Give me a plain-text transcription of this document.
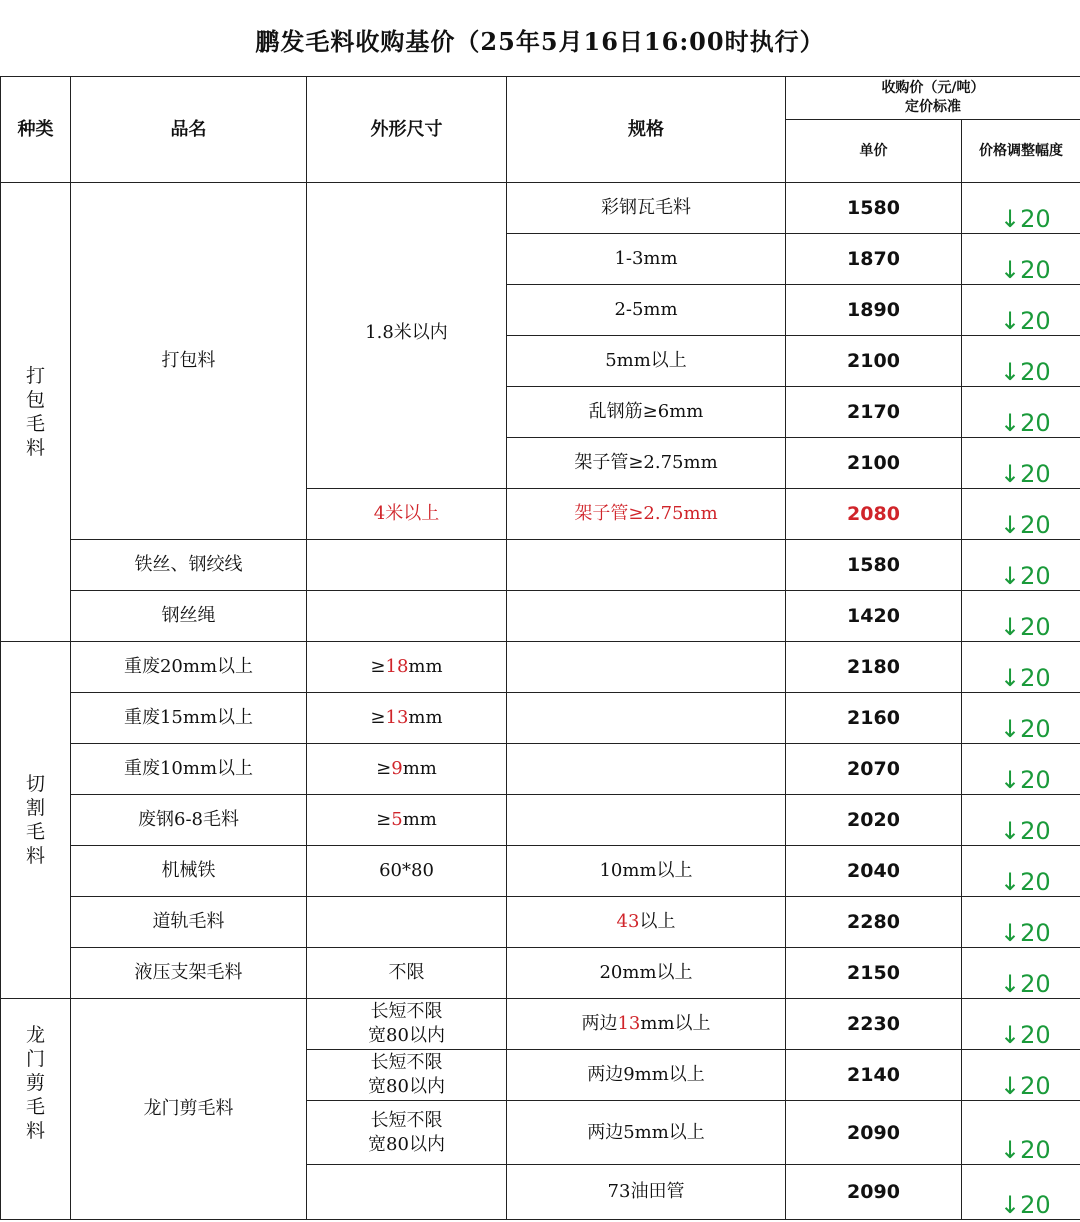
鹏发毛料收购基价（25年5月16日16:00时执行）
种类	品名	外形尺寸	规格	收购价（元/吨）
定价标准	

				单价	价格调整幅度
打
包
毛
料	打包料	1.8米以内	彩钢瓦毛料	1580	↓20
			1-3mm	1870	↓20
			2-5mm	1890	↓20
			5mm以上	2100	↓20
			乱钢筋≥6mm	2170	↓20
			架子管≥2.75mm	2100	↓20
		4米以上	架子管≥2.75mm	2080	↓20
	铁丝、钢绞线			1580	↓20
	钢丝绳			1420	↓20
切
割
毛
料	重废20mm以上	≥18mm		2180	↓20
	重废15mm以上	≥13mm		2160	↓20
	重废10mm以上	≥9mm		2070	↓20
	废钢6-8毛料	≥5mm		2020	↓20
	机械铁	60*80	10mm以上	2040	↓20
	道轨毛料		43以上	2280	↓20
	液压支架毛料	不限	20mm以上	2150	↓20
龙
门
剪
毛
料	龙门剪毛料	长短不限
宽80以内	两边13mm以上	2230	↓20
		长短不限
宽80以内	两边9mm以上	2140	↓20
		长短不限
宽80以内	两边5mm以上	2090	↓20
			73油田管	2090	↓20
